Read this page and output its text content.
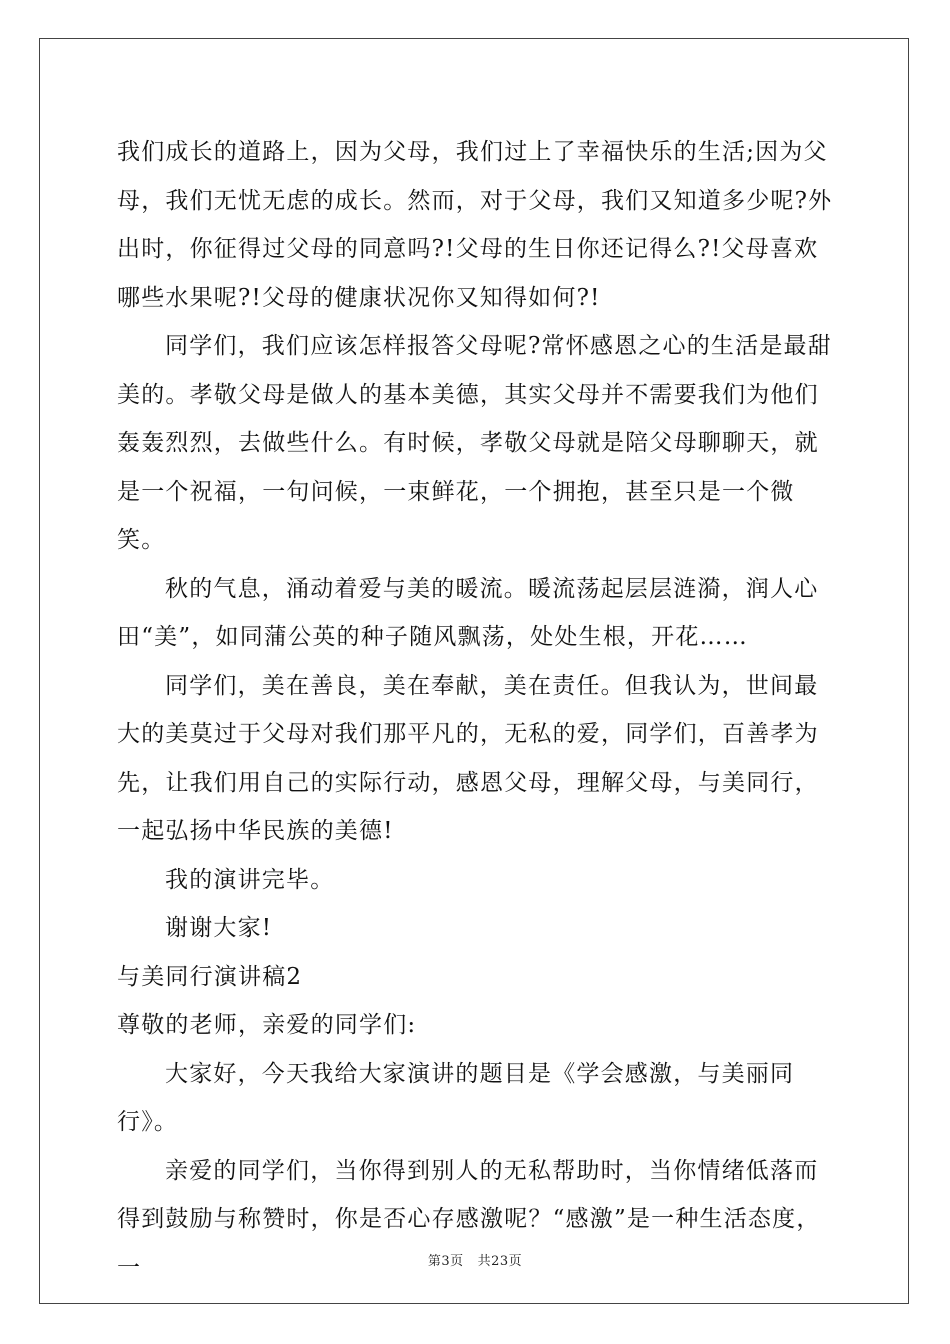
我们成长的道路上，因为父母，我们过上了幸福快乐的生活;因为父母，我们无忧无虑的成长。然而，对于父母，我们又知道多少呢?外出时，你征得过父母的同意吗?!父母的生日你还记得么?!父母喜欢哪些水果呢?!父母的健康状况你又知得如何?!

同学们，我们应该怎样报答父母呢?常怀感恩之心的生活是最甜美的。孝敬父母是做人的基本美德，其实父母并不需要我们为他们轰轰烈烈，去做些什么。有时候，孝敬父母就是陪父母聊聊天，就是一个祝福，一句问候，一束鲜花，一个拥抱，甚至只是一个微笑。

秋的气息，涌动着爱与美的暖流。暖流荡起层层涟漪，润人心田“美”，如同蒲公英的种子随风飘荡，处处生根，开花……

同学们，美在善良，美在奉献，美在责任。但我认为，世间最大的美莫过于父母对我们那平凡的，无私的爱，同学们，百善孝为先，让我们用自己的实际行动，感恩父母，理解父母，与美同行，一起弘扬中华民族的美德!

我的演讲完毕。

谢谢大家!

与美同行演讲稿2

尊敬的老师，亲爱的同学们:

大家好，今天我给大家演讲的题目是《学会感激，与美丽同行》。

亲爱的同学们，当你得到别人的无私帮助时，当你情绪低落而得到鼓励与称赞时，你是否心存感激呢？“感激”是一种生活态度，一	第3页 共23页
